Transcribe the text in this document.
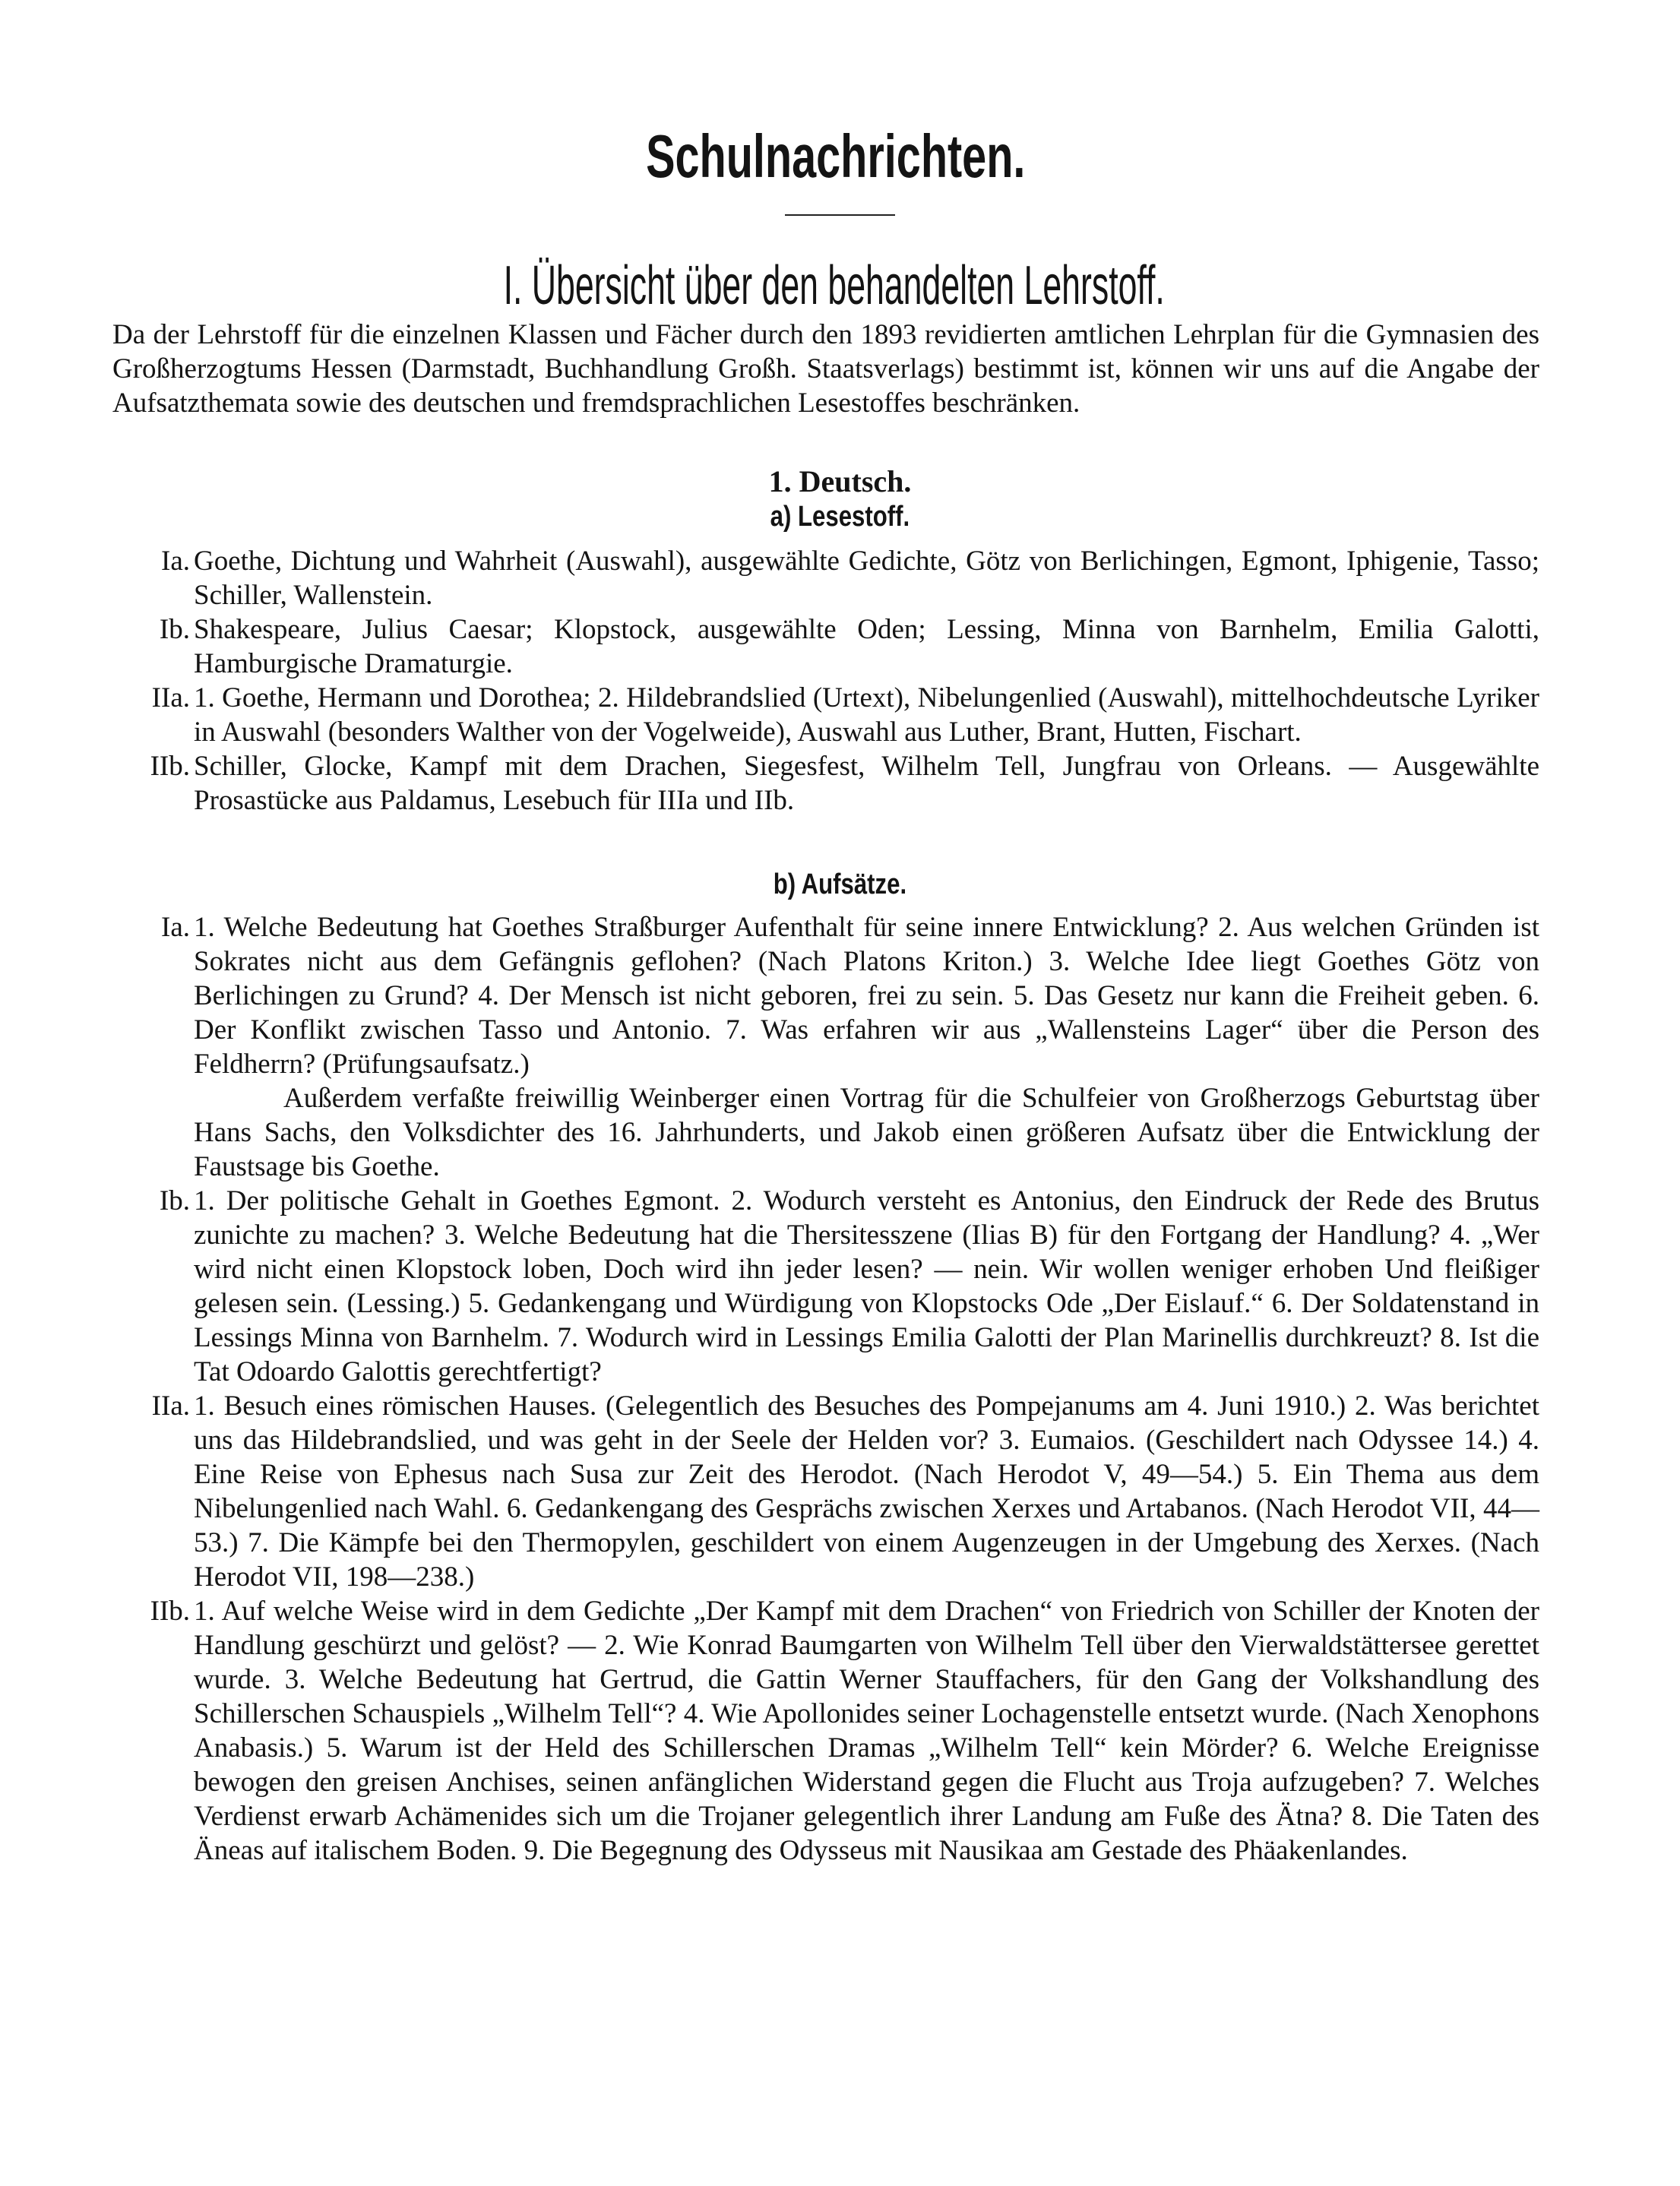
Schulnachrichten.
I. Übersicht über den behandelten Lehrstoff.

Da der Lehrstoff für die einzelnen Klassen und Fächer durch den 1893 revidierten amtlichen Lehrplan für die Gymnasien des Großherzogtums Hessen (Darmstadt, Buchhandlung Großh. Staatsverlags) bestimmt ist, können wir uns auf die Angabe der Aufsatzthemata sowie des deutschen und fremdsprachlichen Lesestoffes beschränken.

1. Deutsch.
a) Lesestoff.
Ia. Goethe, Dichtung und Wahrheit (Auswahl), ausgewählte Gedichte, Götz von Berlichingen, Egmont, Iphigenie, Tasso; Schiller, Wallenstein.
Ib. Shakespeare, Julius Caesar; Klopstock, ausgewählte Oden; Lessing, Minna von Barnhelm, Emilia Galotti, Hamburgische Dramaturgie.
IIa. 1. Goethe, Hermann und Dorothea; 2. Hildebrandslied (Urtext), Nibelungenlied (Auswahl), mittelhochdeutsche Lyriker in Auswahl (besonders Walther von der Vogelweide), Auswahl aus Luther, Brant, Hutten, Fischart.
IIb. Schiller, Glocke, Kampf mit dem Drachen, Siegesfest, Wilhelm Tell, Jungfrau von Orleans. — Ausgewählte Prosastücke aus Paldamus, Lesebuch für IIIa und IIb.
b) Aufsätze.
Ia. 1. Welche Bedeutung hat Goethes Straßburger Aufenthalt für seine innere Entwicklung? 2. Aus welchen Gründen ist Sokrates nicht aus dem Gefängnis geflohen? (Nach Platons Kriton.) 3. Welche Idee liegt Goethes Götz von Berlichingen zu Grund? 4. Der Mensch ist nicht geboren, frei zu sein. 5. Das Gesetz nur kann die Freiheit geben. 6. Der Konflikt zwischen Tasso und Antonio. 7. Was erfahren wir aus „Wallensteins Lager“ über die Person des Feldherrn? (Prüfungsaufsatz.)
Außerdem verfaßte freiwillig Weinberger einen Vortrag für die Schulfeier von Großherzogs Geburtstag über Hans Sachs, den Volksdichter des 16. Jahrhunderts, und Jakob einen größeren Aufsatz über die Entwicklung der Faustsage bis Goethe.
Ib. 1. Der politische Gehalt in Goethes Egmont. 2. Wodurch versteht es Antonius, den Eindruck der Rede des Brutus zunichte zu machen? 3. Welche Bedeutung hat die Thersitesszene (Ilias B) für den Fortgang der Handlung? 4. „Wer wird nicht einen Klopstock loben, Doch wird ihn jeder lesen? — nein. Wir wollen weniger erhoben Und fleißiger gelesen sein. (Lessing.) 5. Gedankengang und Würdigung von Klopstocks Ode „Der Eislauf.“ 6. Der Soldatenstand in Lessings Minna von Barnhelm. 7. Wodurch wird in Lessings Emilia Galotti der Plan Marinellis durchkreuzt? 8. Ist die Tat Odoardo Galottis gerechtfertigt?
IIa. 1. Besuch eines römischen Hauses. (Gelegentlich des Besuches des Pompejanums am 4. Juni 1910.) 2. Was berichtet uns das Hildebrandslied, und was geht in der Seele der Helden vor? 3. Eumaios. (Geschildert nach Odyssee 14.) 4. Eine Reise von Ephesus nach Susa zur Zeit des Herodot. (Nach Herodot V, 49—54.) 5. Ein Thema aus dem Nibelungenlied nach Wahl. 6. Gedankengang des Gesprächs zwischen Xerxes und Artabanos. (Nach Herodot VII, 44—53.) 7. Die Kämpfe bei den Thermopylen, geschildert von einem Augenzeugen in der Umgebung des Xerxes. (Nach Herodot VII, 198—238.)
IIb. 1. Auf welche Weise wird in dem Gedichte „Der Kampf mit dem Drachen“ von Friedrich von Schiller der Knoten der Handlung geschürzt und gelöst? — 2. Wie Konrad Baumgarten von Wilhelm Tell über den Vierwaldstättersee gerettet wurde. 3. Welche Bedeutung hat Gertrud, die Gattin Werner Stauffachers, für den Gang der Volkshandlung des Schillerschen Schauspiels „Wilhelm Tell“? 4. Wie Apollonides seiner Lochagenstelle entsetzt wurde. (Nach Xenophons Anabasis.) 5. Warum ist der Held des Schillerschen Dramas „Wilhelm Tell“ kein Mörder? 6. Welche Ereignisse bewogen den greisen Anchises, seinen anfänglichen Widerstand gegen die Flucht aus Troja aufzugeben? 7. Welches Verdienst erwarb Achämenides sich um die Trojaner gelegentlich ihrer Landung am Fuße des Ätna? 8. Die Taten des Äneas auf italischem Boden. 9. Die Begegnung des Odysseus mit Nausikaa am Gestade des Phäakenlandes.
